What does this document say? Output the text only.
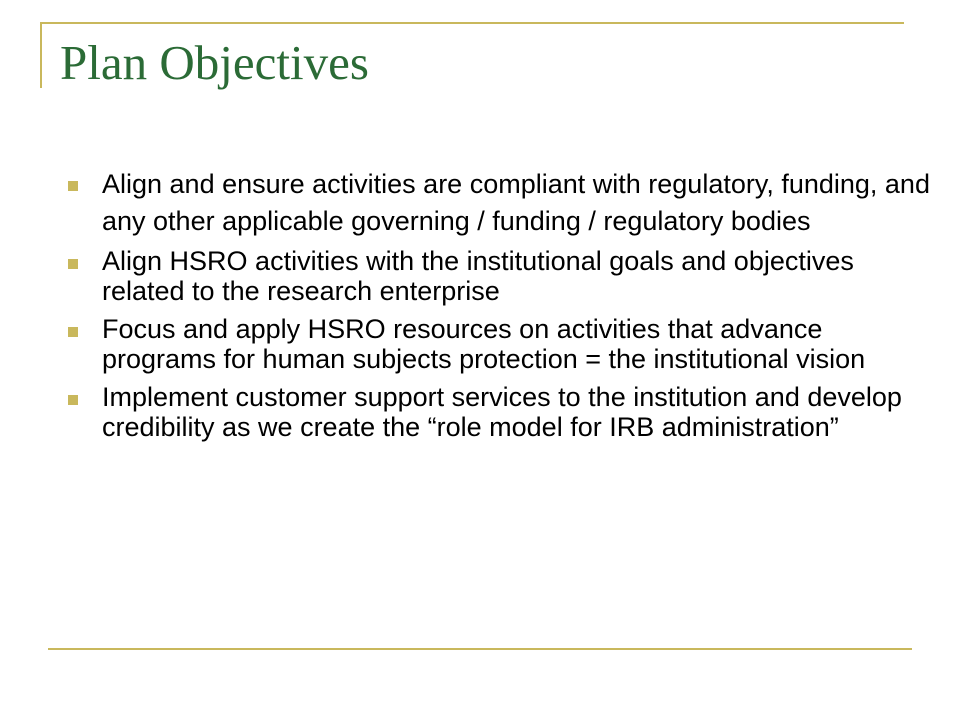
Plan Objectives
Align and ensure activities are compliant with regulatory, funding, and any other applicable governing / funding / regulatory bodies
Align HSRO activities with the institutional goals and objectives related to the research enterprise
Focus and apply HSRO resources on activities that advance programs for human subjects protection = the institutional vision
Implement customer support services to the institution and develop credibility as we create the “role model for IRB administration”
